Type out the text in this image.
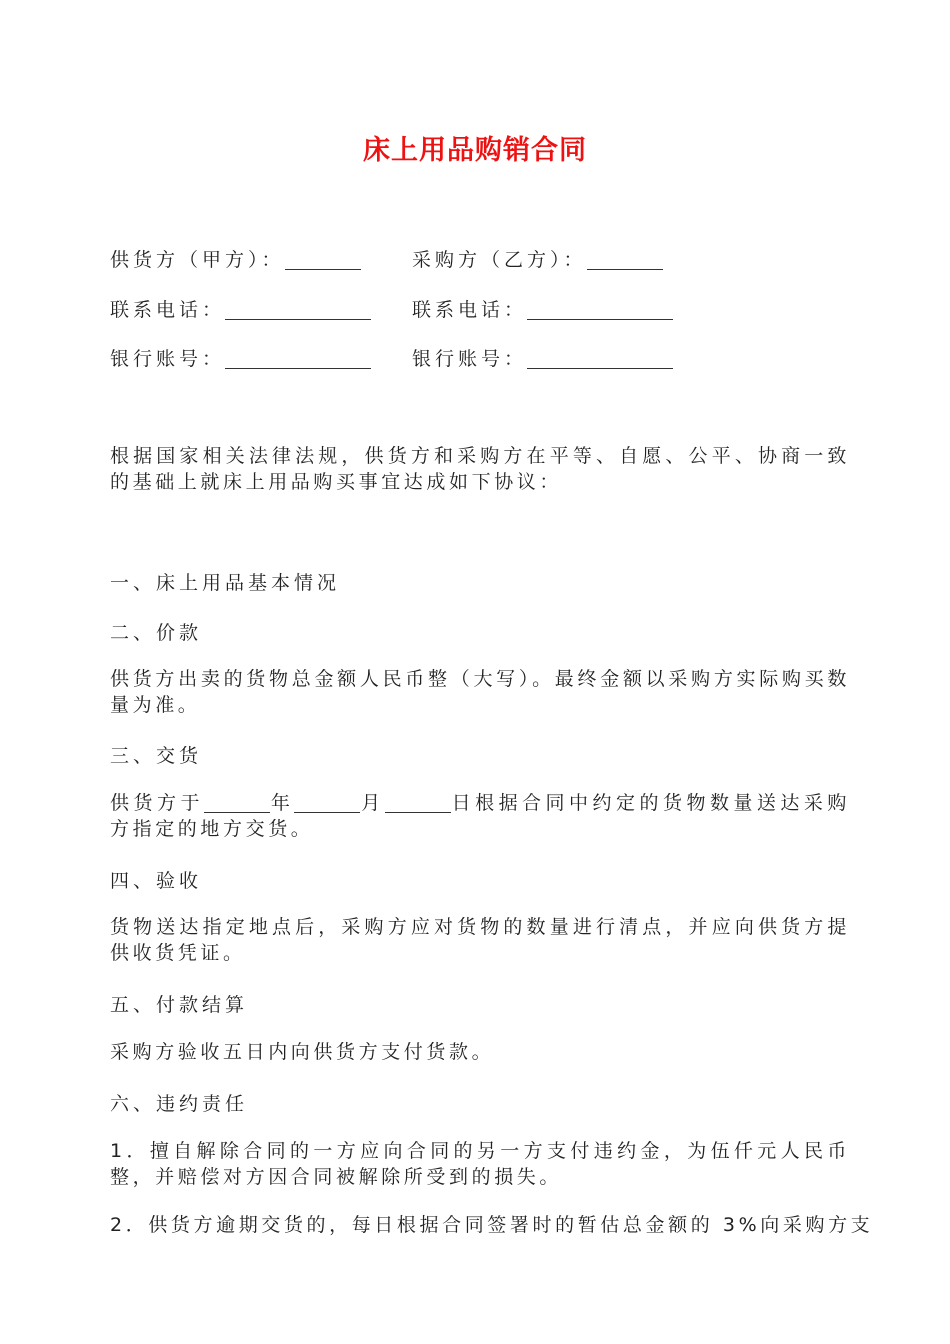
床上用品购销合同
供货方（甲方）：	采购方（乙方）：
联系电话：	联系电话：
银行账号：	银行账号：
根据国家相关法律法规，供货方和采购方在平等、自愿、公平、协商一致的基础上就床上用品购买事宜达成如下协议：
一、床上用品基本情况
二、价款
供货方出卖的货物总金额人民币整（大写）。最终金额以采购方实际购买数量为准。
三、交货
供货方于	年	月	日根据合同中约定的货物数量送达采购方指定的地方交货。
四、验收
货物送达指定地点后，采购方应对货物的数量进行清点，并应向供货方提供收货凭证。
五、付款结算
采购方验收五日内向供货方支付货款。
六、违约责任
1．擅自解除合同的一方应向合同的另一方支付违约金，为伍仟元人民币整，并赔偿对方因合同被解除所受到的损失。
2．供货方逾期交货的，每日根据合同签署时的暂估总金额的 3%向采购方支
